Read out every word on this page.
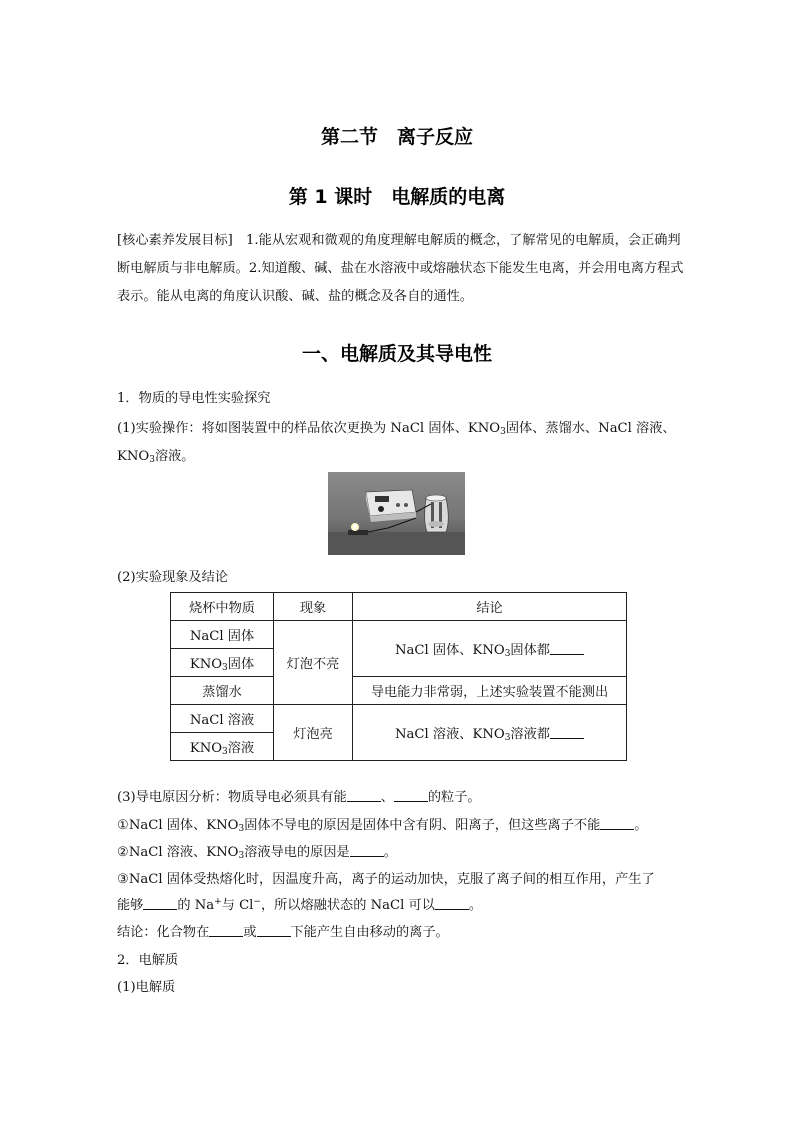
第二节　离子反应
第 1 课时　电解质的电离
[核心素养发展目标]　1.能从宏观和微观的角度理解电解质的概念，了解常见的电解质，会正确判断电解质与非电解质。2.知道酸、碱、盐在水溶液中或熔融状态下能发生电离，并会用电离方程式表示。能从电离的角度认识酸、碱、盐的概念及各自的通性。
一、电解质及其导电性
1．物质的导电性实验探究
(1)实验操作：将如图装置中的样品依次更换为 NaCl 固体、$KNO_3$固体、蒸馏水、NaCl 溶液、
$KNO_3$溶液。
(2)实验现象及结论
烧杯中物质	现象	结论
NaCl 固体	灯泡不亮	NaCl 固体、$KNO_3$固体都
$KNO_3$固体		
蒸馏水		导电能力非常弱，上述实验装置不能测出
NaCl 溶液	灯泡亮	NaCl 溶液、$KNO_3$溶液都
$KNO_3$溶液		
(3)导电原因分析：物质导电必须具有能	、	的粒子。
①NaCl 固体、$KNO_3$固体不导电的原因是固体中含有阴、阳离子，但这些离子不能	。
②NaCl 溶液、$KNO_3$溶液导电的原因是	。
③NaCl 固体受热熔化时，因温度升高，离子的运动加快，克服了离子间的相互作用，产生了
能够	的 Na+与 Cl−，所以熔融状态的 NaCl 可以	。
结论：化合物在	或	下能产生自由移动的离子。
2．电解质
(1)电解质
